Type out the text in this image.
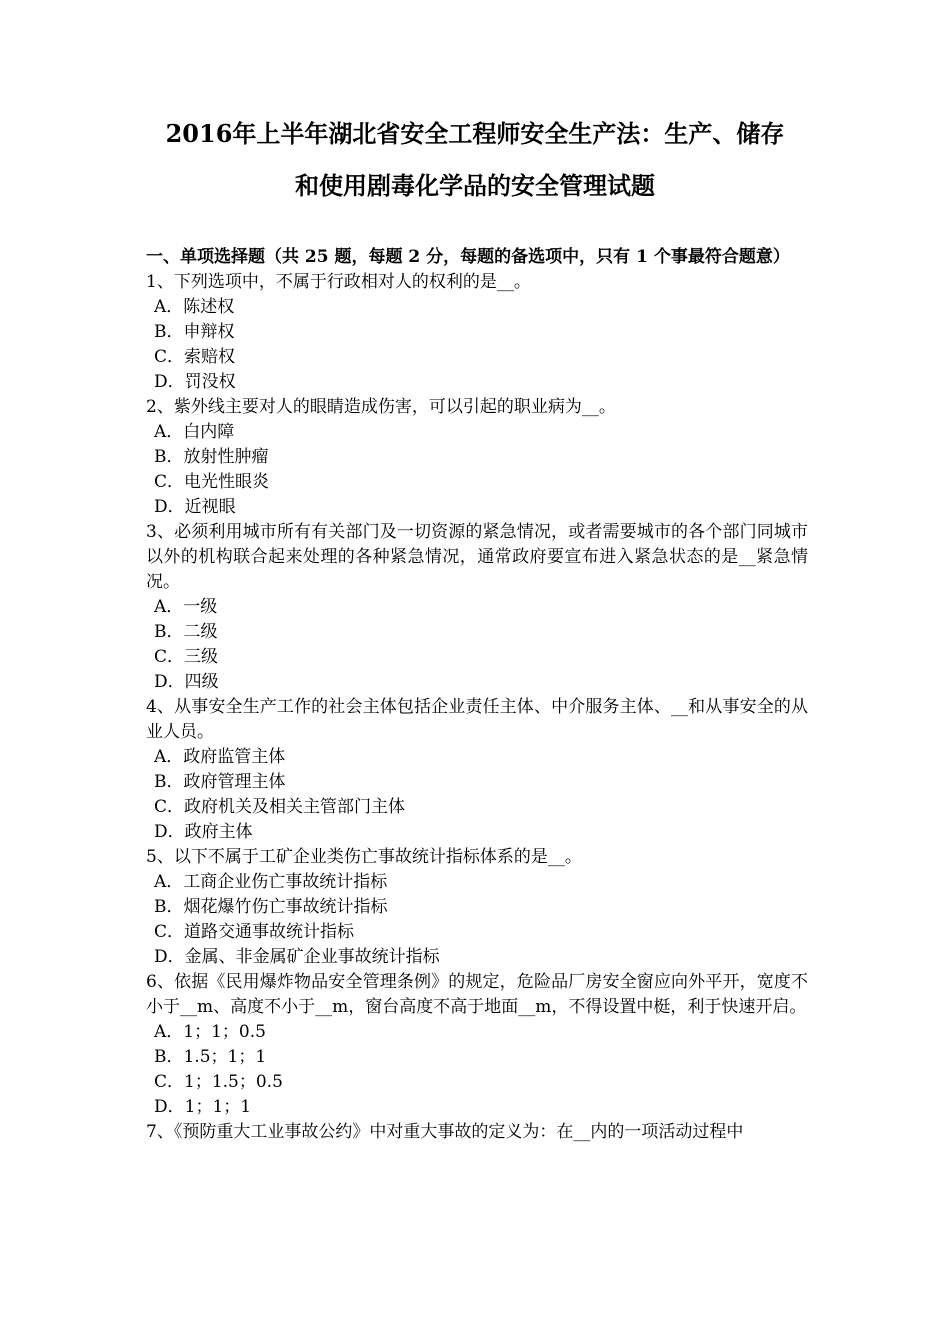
2016年上半年湖北省安全工程师安全生产法：生产、储存
和使用剧毒化学品的安全管理试题
一、单项选择题（共 25 题，每题 2 分，每题的备选项中，只有 1 个事最符合题意）
1、下列选项中，不属于行政相对人的权利的是__。
A．陈述权
B．申辩权
C．索赔权
D．罚没权
2、紫外线主要对人的眼睛造成伤害，可以引起的职业病为__。
A．白内障
B．放射性肿瘤
C．电光性眼炎
D．近视眼
3、必须利用城市所有有关部门及一切资源的紧急情况，或者需要城市的各个部门同城市以外的机构联合起来处理的各种紧急情况，通常政府要宣布进入紧急状态的是__紧急情况。
A．一级
B．二级
C．三级
D．四级
4、从事安全生产工作的社会主体包括企业责任主体、中介服务主体、__和从事安全的从业人员。
A．政府监管主体
B．政府管理主体
C．政府机关及相关主管部门主体
D．政府主体
5、以下不属于工矿企业类伤亡事故统计指标体系的是__。
A．工商企业伤亡事故统计指标
B．烟花爆竹伤亡事故统计指标
C．道路交通事故统计指标
D．金属、非金属矿企业事故统计指标
6、依据《民用爆炸物品安全管理条例》的规定，危险品厂房安全窗应向外平开，宽度不小于__m、高度不小于__m，窗台高度不高于地面__m，不得设置中梃，利于快速开启。
A．1；1；0.5
B．1.5；1；1
C．1；1.5；0.5
D．1；1；1
7、《预防重大工业事故公约》中对重大事故的定义为：在__内的一项活动过程中
